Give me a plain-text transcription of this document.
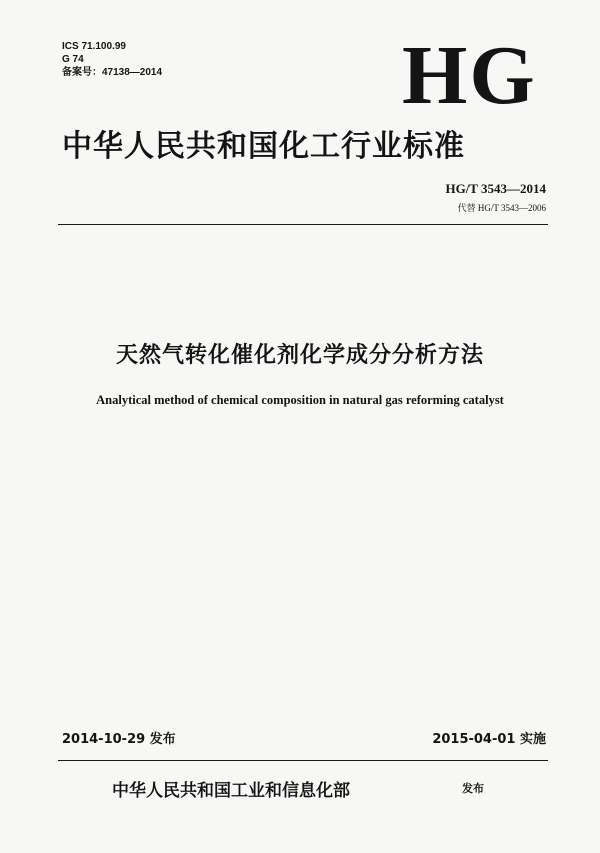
ICS 71.100.99
G 74
备案号：47138—2014	HG
中华人民共和国化工行业标准
HG/T 3543—2014
代替 HG/T 3543—2006
天然气转化催化剂化学成分分析方法
Analytical method of chemical composition in natural gas reforming catalyst
2014-10-29 发布	2015-04-01 实施
中华人民共和国工业和信息化部	发布
